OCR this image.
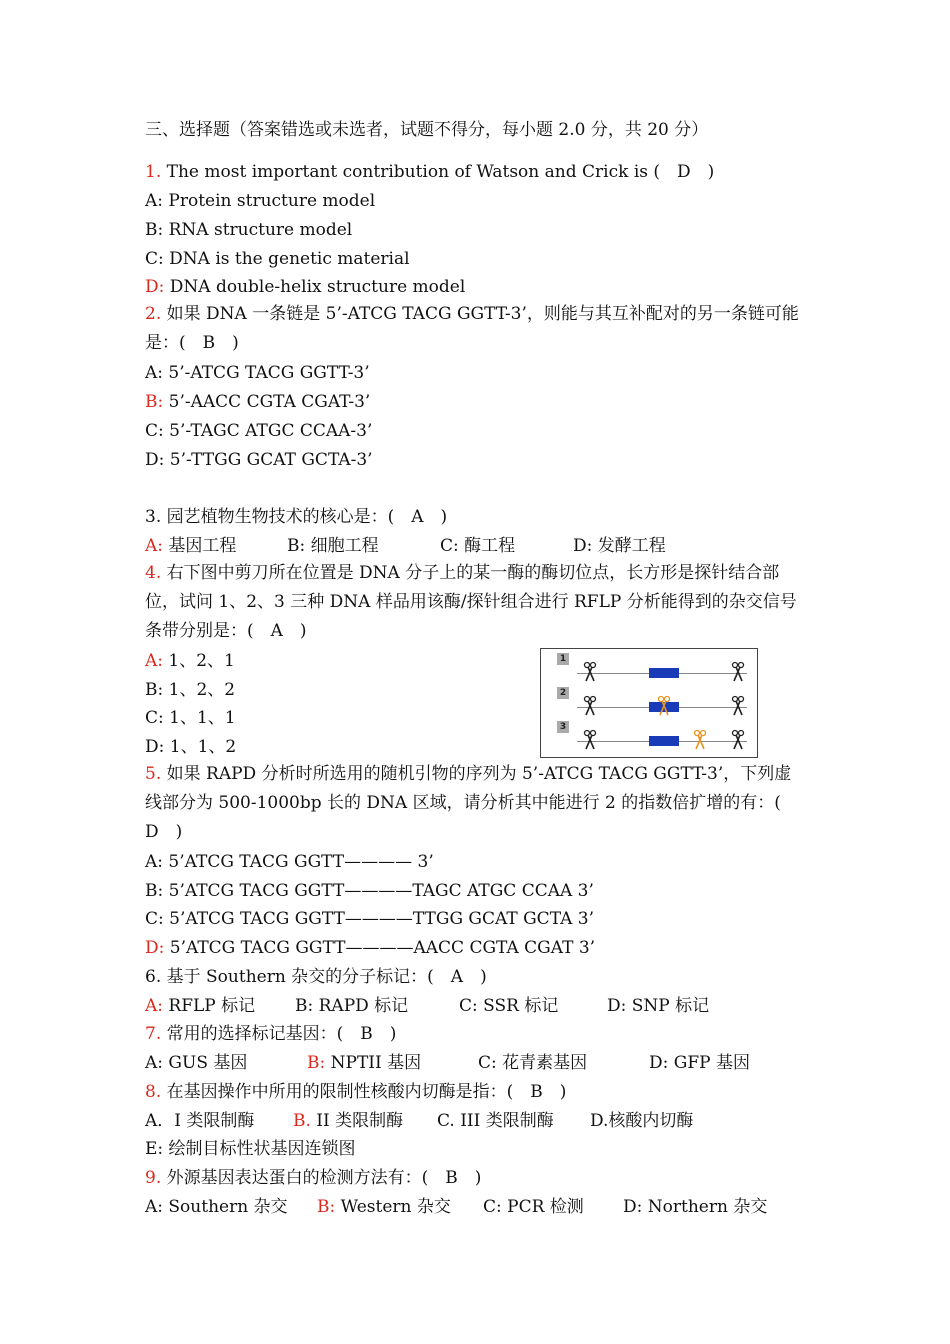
三、选择题（答案错选或未选者，试题不得分，每小题 2.0 分，共 20 分）
1. The most important contribution of Watson and Crick is (　D　)
A: Protein structure model
B: RNA structure model
C: DNA is the genetic material
D: DNA double-helix structure model
2. 如果 DNA 一条链是 5’-ATCG TACG GGTT-3’，则能与其互补配对的另一条链可能是：(　B　)
A: 5’-ATCG TACG GGTT-3’
B: 5’-AACC CGTA CGAT-3’
C: 5’-TAGC ATGC CCAA-3’
D: 5’-TTGG GCAT GCTA-3’
3. 园艺植物生物技术的核心是：(　A　)
A: 基因工程	B: 细胞工程	C: 酶工程	D: 发酵工程
4. 右下图中剪刀所在位置是 DNA 分子上的某一酶的酶切位点，长方形是探针结合部位，试问 1、2、3 三种 DNA 样品用该酶/探针组合进行 RFLP 分析能得到的杂交信号条带分别是：(　A　)
A: 1、2、1
B: 1、2、2
C: 1、1、1
D: 1、1、2
1
2
3
5. 如果 RAPD 分析时所选用的随机引物的序列为 5’-ATCG TACG GGTT-3’，下列虚线部分为 500-1000bp 长的 DNA 区域，请分析其中能进行 2 的指数倍扩增的有：(　D　)
A: 5’ATCG TACG GGTT———— 3’
B: 5’ATCG TACG GGTT————TAGC ATGC CCAA 3’
C: 5’ATCG TACG GGTT————TTGG GCAT GCTA 3’
D: 5’ATCG TACG GGTT————AACC CGTA CGAT 3’
6. 基于 Southern 杂交的分子标记：(　A　)
A: RFLP 标记 B: RAPD 标记	C: SSR 标记	D: SNP 标记
7. 常用的选择标记基因：(　B　)
A: GUS 基因	B: NPTII 基因	C: 花青素基因	D: GFP 基因
8. 在基因操作中所用的限制性核酸内切酶是指：(　B　)
A．I 类限制酶 B. II 类限制酶 C. III 类限制酶 D.核酸内切酶
E: 绘制目标性状基因连锁图
9. 外源基因表达蛋白的检测方法有：(　B　)
A: Southern 杂交 B: Western 杂交 C: PCR 检测 D: Northern 杂交
